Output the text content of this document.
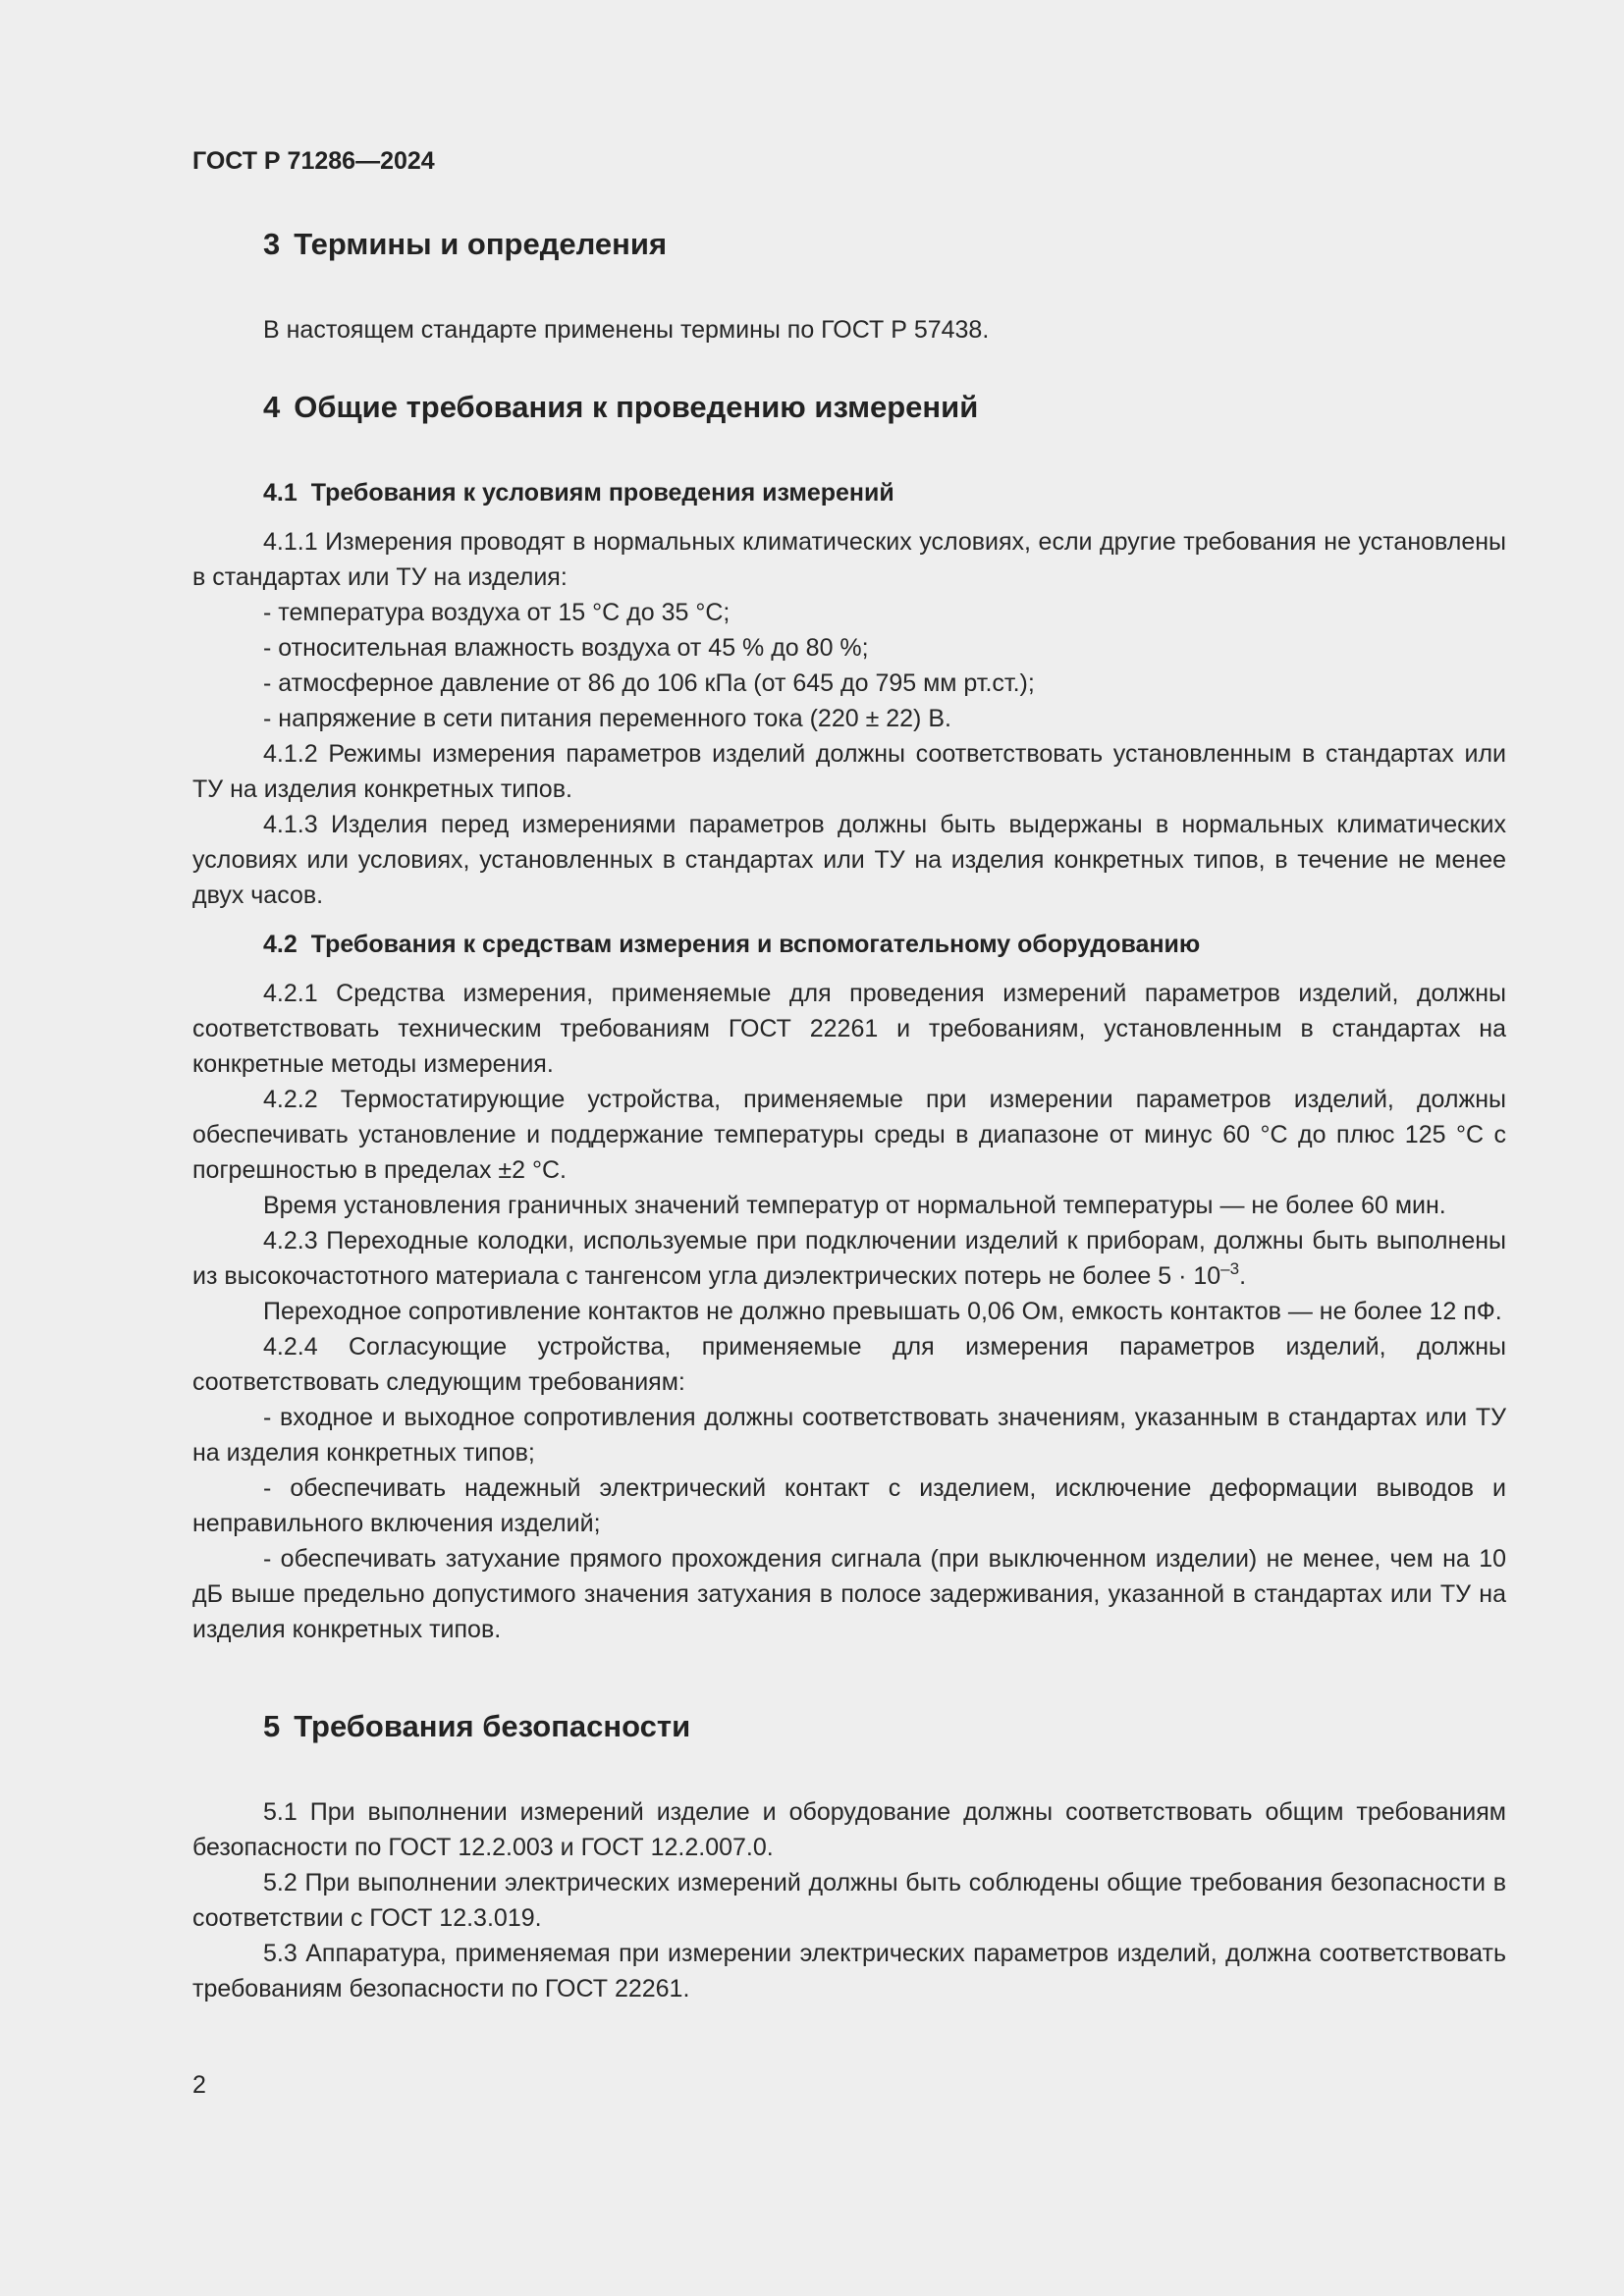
ГОСТ Р 71286—2024
3 Термины и определения

В настоящем стандарте применены термины по ГОСТ Р 57438.

4 Общие требования к проведению измерений
4.1 Требования к условиям проведения измерений

4.1.1 Измерения проводят в нормальных климатических условиях, если другие требования не установлены в стандартах или ТУ на изделия:

- температура воздуха от 15 °С до 35 °С;

- относительная влажность воздуха от 45 % до 80 %;

- атмосферное давление от 86 до 106 кПа (от 645 до 795 мм рт.ст.);

- напряжение в сети питания переменного тока (220 ± 22) В.

4.1.2 Режимы измерения параметров изделий должны соответствовать установленным в стандартах или ТУ на изделия конкретных типов.

4.1.3 Изделия перед измерениями параметров должны быть выдержаны в нормальных климатических условиях или условиях, установленных в стандартах или ТУ на изделия конкретных типов, в течение не менее двух часов.

4.2 Требования к средствам измерения и вспомогательному оборудованию

4.2.1 Средства измерения, применяемые для проведения измерений параметров изделий, должны соответствовать техническим требованиям ГОСТ 22261 и требованиям, установленным в стандартах на конкретные методы измерения.

4.2.2 Термостатирующие устройства, применяемые при измерении параметров изделий, должны обеспечивать установление и поддержание температуры среды в диапазоне от минус 60 °С до плюс 125 °С с погрешностью в пределах ±2 °С.

Время установления граничных значений температур от нормальной температуры — не более 60 мин.

4.2.3 Переходные колодки, используемые при подключении изделий к приборам, должны быть выполнены из высокочастотного материала с тангенсом угла диэлектрических потерь не более $5 \cdot 10^{-3}$.

Переходное сопротивление контактов не должно превышать 0,06 Ом, емкость контактов — не более 12 пФ.

4.2.4 Согласующие устройства, применяемые для измерения параметров изделий, должны соответствовать следующим требованиям:

- входное и выходное сопротивления должны соответствовать значениям, указанным в стандартах или ТУ на изделия конкретных типов;

- обеспечивать надежный электрический контакт с изделием, исключение деформации выводов и неправильного включения изделий;

- обеспечивать затухание прямого прохождения сигнала (при выключенном изделии) не менее, чем на 10 дБ выше предельно допустимого значения затухания в полосе задерживания, указанной в стандартах или ТУ на изделия конкретных типов.

5 Требования безопасности

5.1 При выполнении измерений изделие и оборудование должны соответствовать общим требованиям безопасности по ГОСТ 12.2.003 и ГОСТ 12.2.007.0.

5.2 При выполнении электрических измерений должны быть соблюдены общие требования безопасности в соответствии с ГОСТ 12.3.019.

5.3 Аппаратура, применяемая при измерении электрических параметров изделий, должна соответствовать требованиям безопасности по ГОСТ 22261.

2
